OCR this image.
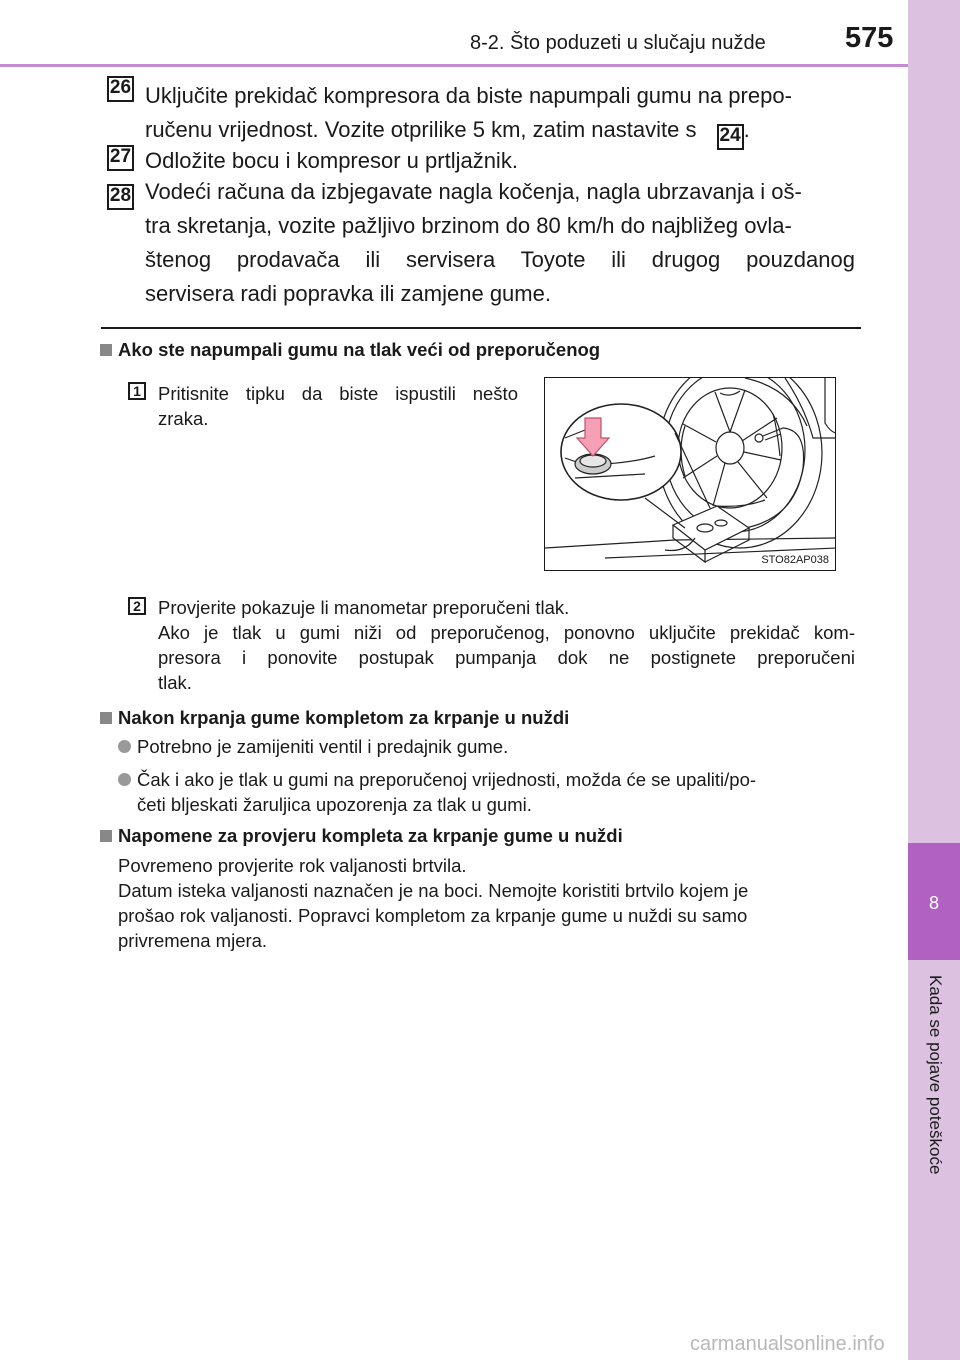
8-2. Što poduzeti u slučaju nužde	575
8
Kada se pojave poteškoće
26 Uključite prekidač kompresora da biste napumpali gumu na prepo-
ručenu vrijednost. Vozite otprilike 5 km, zatim nastavite s 24 .
27 Odložite bocu i kompresor u prtljažnik.
28 Vodeći računa da izbjegavate nagla kočenja, nagla ubrzavanja i oš-
tra skretanja, vozite pažljivo brzinom do 80 km/h do najbližeg ovla-
štenog prodavača ili servisera Toyote ili drugog pouzdanog
servisera radi popravka ili zamjene gume.
Ako ste napumpali gumu na tlak veći od preporučenog
1 Pritisnite tipku da biste ispustili nešto
zraka.
STO82AP038
2 Provjerite pokazuje li manometar preporučeni tlak.
Ako je tlak u gumi niži od preporučenog, ponovno uključite prekidač kom-
presora i ponovite postupak pumpanja dok ne postignete preporučeni
tlak.
Nakon krpanja gume kompletom za krpanje u nuždi
Potrebno je zamijeniti ventil i predajnik gume.
Čak i ako je tlak u gumi na preporučenoj vrijednosti, možda će se upaliti/po-
četi bljeskati žaruljica upozorenja za tlak u gumi.
Napomene za provjeru kompleta za krpanje gume u nuždi
Povremeno provjerite rok valjanosti brtvila.
Datum isteka valjanosti naznačen je na boci. Nemojte koristiti brtvilo kojem je
prošao rok valjanosti. Popravci kompletom za krpanje gume u nuždi su samo
privremena mjera.
carmanualsonline.info
